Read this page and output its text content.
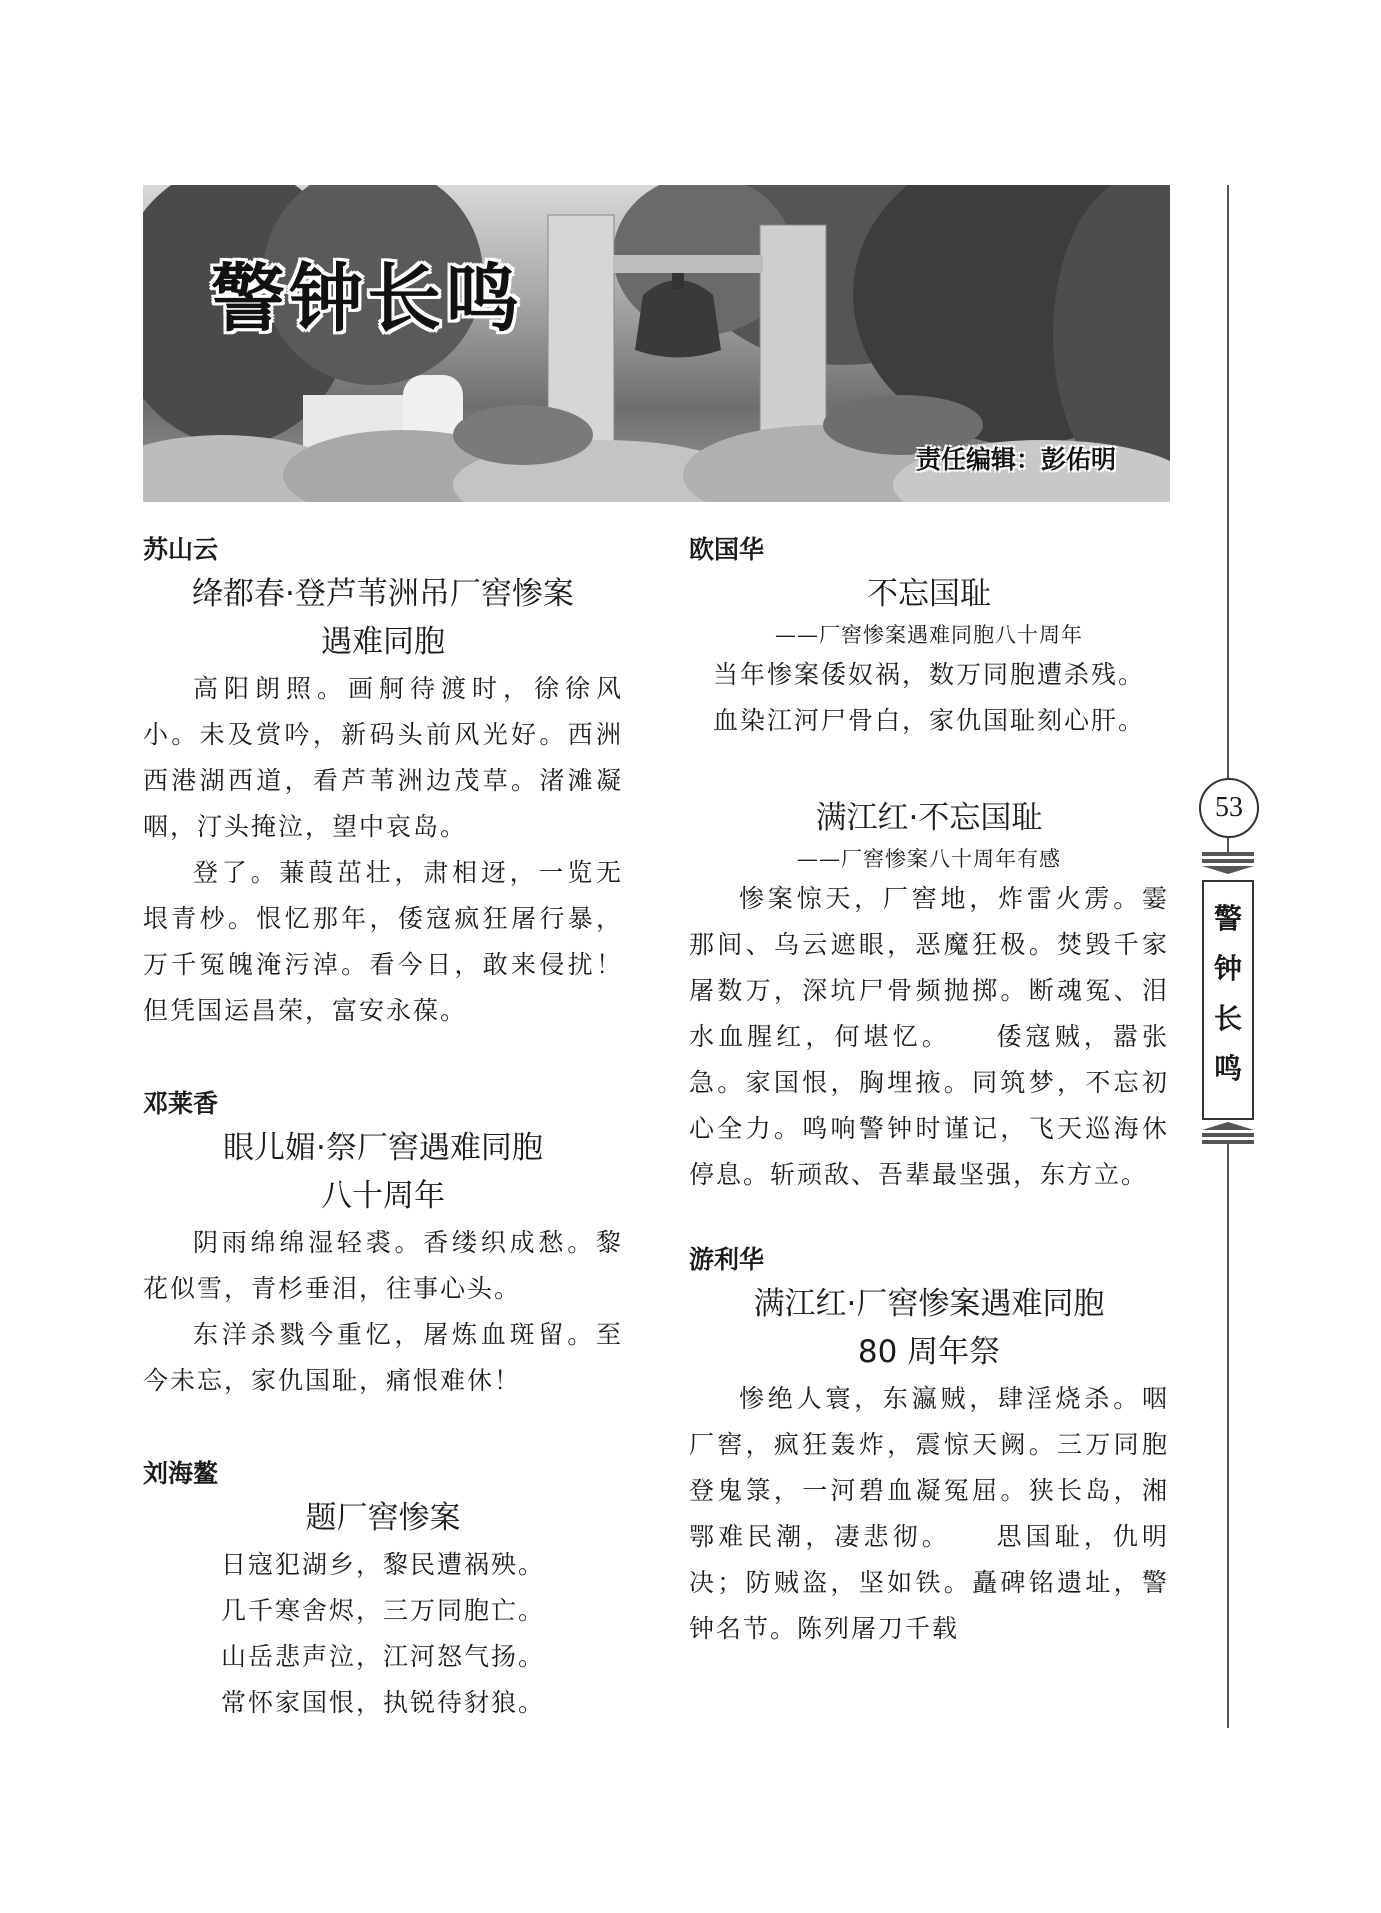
警钟长鸣
责任编辑：彭佑明
53
警钟长鸣

苏山云

绛都春·登芦苇洲吊厂窖惨案

遇难同胞

高阳朗照。画舸待渡时，徐徐风小。未及赏吟，新码头前风光好。西洲西港湖西道，看芦苇洲边茂草。渚滩凝咽，汀头掩泣，望中哀岛。

登了。蒹葭茁壮，肃相迓，一览无垠青杪。恨忆那年，倭寇疯狂屠行暴，万千冤魄淹污淖。看今日，敢来侵扰！但凭国运昌荣，富安永葆。

邓莱香

眼儿媚·祭厂窖遇难同胞

八十周年

阴雨绵绵湿轻裘。香缕织成愁。黎花似雪，青杉垂泪，往事心头。

东洋杀戮今重忆，屠炼血斑留。至今未忘，家仇国耻，痛恨难休！

刘海鳌

题厂窖惨案

日寇犯湖乡，黎民遭祸殃。

几千寒舍烬，三万同胞亡。

山岳悲声泣，江河怒气扬。

常怀家国恨，执锐待豺狼。

欧国华

不忘国耻

——厂窖惨案遇难同胞八十周年

当年惨案倭奴祸，数万同胞遭杀残。

血染江河尸骨白，家仇国耻刻心肝。

满江红·不忘国耻

——厂窖惨案八十周年有感

惨案惊天，厂窖地，炸雷火雳。霎那间、乌云遮眼，恶魔狂极。焚毁千家屠数万，深坑尸骨频抛掷。断魂冤、泪水血腥红，何堪忆。　　倭寇贼，嚣张急。家国恨，胸埋掖。同筑梦，不忘初心全力。鸣响警钟时谨记，飞天巡海休停息。斩顽敌、吾辈最坚强，东方立。

游利华

满江红·厂窖惨案遇难同胞

80 周年祭

惨绝人寰，东瀛贼，肆淫烧杀。咽厂窖，疯狂轰炸，震惊天阙。三万同胞登鬼箓，一河碧血凝冤屈。狭长岛，湘鄂难民潮，凄悲彻。　　思国耻，仇明决；防贼盗，坚如铁。矗碑铭遗址，警钟名节。陈列屠刀千载
